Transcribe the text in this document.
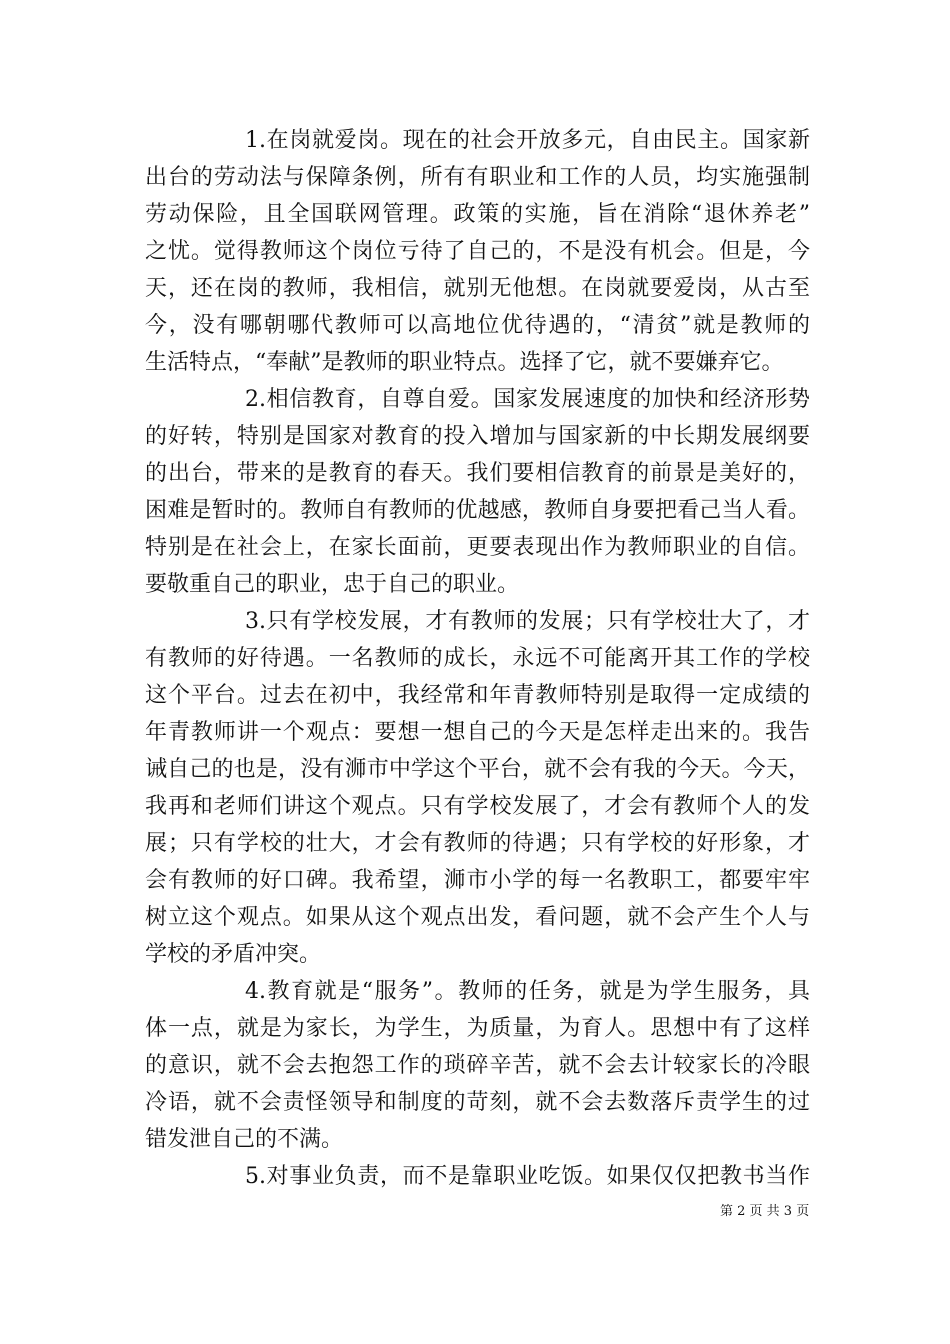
1.在岗就爱岗。现在的社会开放多元，自由民主。国家新
出台的劳动法与保障条例，所有有职业和工作的人员，均实施强制
劳动保险，且全国联网管理。政策的实施，旨在消除“退休养老”
之忧。觉得教师这个岗位亏待了自己的，不是没有机会。但是，今
天，还在岗的教师，我相信，就别无他想。在岗就要爱岗，从古至
今，没有哪朝哪代教师可以高地位优待遇的，“清贫”就是教师的
生活特点，“奉献”是教师的职业特点。选择了它，就不要嫌弃它。
2.相信教育，自尊自爱。国家发展速度的加快和经济形势
的好转，特别是国家对教育的投入增加与国家新的中长期发展纲要
的出台，带来的是教育的春天。我们要相信教育的前景是美好的，
困难是暂时的。教师自有教师的优越感，教师自身要把看己当人看。
特别是在社会上，在家长面前，更要表现出作为教师职业的自信。
要敬重自己的职业，忠于自己的职业。
3.只有学校发展，才有教师的发展；只有学校壮大了，才
有教师的好待遇。一名教师的成长，永远不可能离开其工作的学校
这个平台。过去在初中，我经常和年青教师特别是取得一定成绩的
年青教师讲一个观点：要想一想自己的今天是怎样走出来的。我告
诫自己的也是，没有浉市中学这个平台，就不会有我的今天。今天，
我再和老师们讲这个观点。只有学校发展了，才会有教师个人的发
展；只有学校的壮大，才会有教师的待遇；只有学校的好形象，才
会有教师的好口碑。我希望，浉市小学的每一名教职工，都要牢牢
树立这个观点。如果从这个观点出发，看问题，就不会产生个人与
学校的矛盾冲突。
4.教育就是“服务”。教师的任务，就是为学生服务，具
体一点，就是为家长，为学生，为质量，为育人。思想中有了这样
的意识，就不会去抱怨工作的琐碎辛苦，就不会去计较家长的冷眼
冷语，就不会责怪领导和制度的苛刻，就不会去数落斥责学生的过
错发泄自己的不满。
5.对事业负责，而不是靠职业吃饭。如果仅仅把教书当作
第 2 页 共 3 页
